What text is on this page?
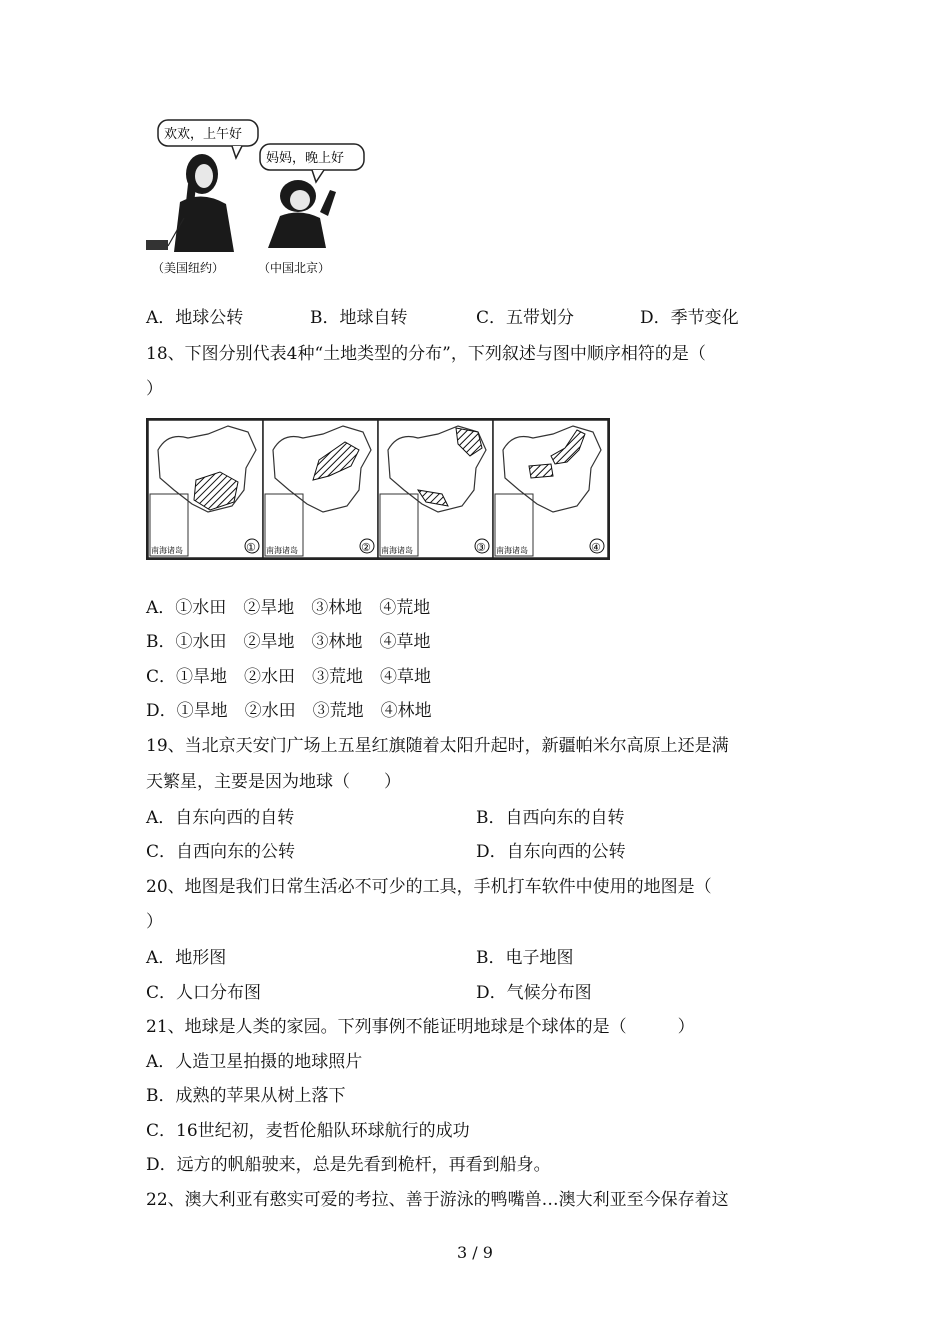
欢欢，上午好
妈妈，晚上好
（美国纽约）	（中国北京）
A．地球公转	B．地球自转	C．五带划分	D．季节变化
18、下图分别代表4种“土地类型的分布”，下列叙述与图中顺序相符的是（
）
南海诸岛	① 南海诸岛	② 南海诸岛	③ 南海诸岛	④
A．①水田　②旱地　③林地　④荒地
B．①水田　②旱地　③林地　④草地
C．①旱地　②水田　③荒地　④草地
D．①旱地　②水田　③荒地　④林地
19、当北京天安门广场上五星红旗随着太阳升起时，新疆帕米尔高原上还是满
天繁星，主要是因为地球（　　）
A．自东向西的自转	B．自西向东的自转
C．自西向东的公转	D．自东向西的公转
20、地图是我们日常生活必不可少的工具，手机打车软件中使用的地图是（
）
A．地形图	B．电子地图
C．人口分布图	D．气候分布图
21、地球是人类的家园。下列事例不能证明地球是个球体的是（　　　）
A．人造卫星拍摄的地球照片
B．成熟的苹果从树上落下
C．16世纪初，麦哲伦船队环球航行的成功
D．远方的帆船驶来，总是先看到桅杆，再看到船身。
22、澳大利亚有憨实可爱的考拉、善于游泳的鸭嘴兽…澳大利亚至今保存着这
3 / 9
